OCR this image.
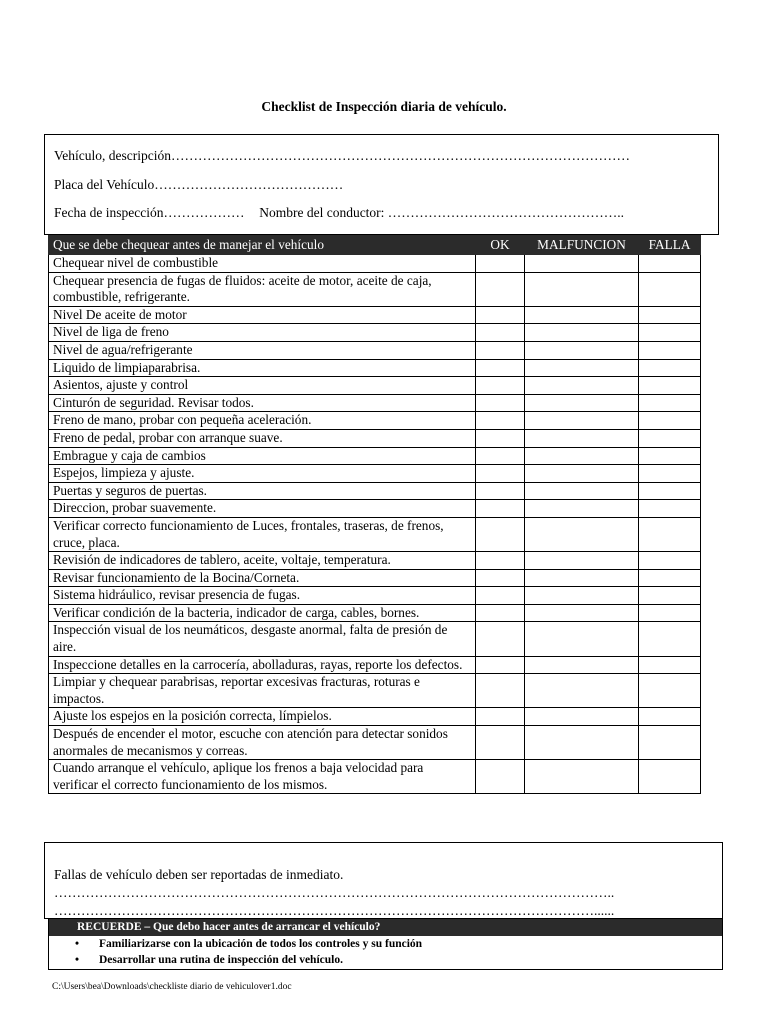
Checklist de Inspección diaria de vehículo.
Vehículo, descripción…………………………………………………………………………………………
Placa del Vehículo……………………………………
Fecha de inspección……………… Nombre del conductor: ……………………………………………..
Que se debe chequear antes de manejar el vehículo	OK	MALFUNCION	FALLA
Chequear nivel de combustible			
Chequear presencia de fugas de fluidos: aceite de motor, aceite de caja, combustible, refrigerante.			
Nivel De aceite de motor			
Nivel de liga de freno			
Nivel de agua/refrigerante			
Liquido de limpiaparabrisa.			
Asientos, ajuste y control			
Cinturón de seguridad. Revisar todos.			
Freno de mano, probar con pequeña aceleración.			
Freno de pedal, probar con arranque suave.			
Embrague y caja de cambios			
Espejos, limpieza y ajuste.			
Puertas y seguros de puertas.			
Direccion, probar suavemente.			
Verificar correcto funcionamiento de Luces, frontales, traseras, de frenos, cruce, placa.			
Revisión de indicadores de tablero, aceite, voltaje, temperatura.			
Revisar funcionamiento de la Bocina/Corneta.			
Sistema hidráulico, revisar presencia de fugas.			
Verificar condición de la bacteria, indicador de carga, cables, bornes.			
Inspección visual de los neumáticos, desgaste anormal, falta de presión de aire.			
Inspeccione detalles en la carrocería, abolladuras, rayas, reporte los defectos.			
Limpiar y chequear parabrisas, reportar excesivas fracturas, roturas e impactos.			
Ajuste los espejos en la posición correcta, límpielos.			
Después de encender el motor, escuche con atención para detectar sonidos anormales de mecanismos y correas.			
Cuando arranque el vehículo, aplique los frenos a baja velocidad para verificar el correcto funcionamiento de los mismos.			
Fallas de vehículo deben ser reportadas de inmediato.
……………………………………………………………………………………………………………..
…………………………………………………………………………………………………………......
RECUERDE – Que debo hacer antes de arrancar el vehículo?
• Familiarizarse con la ubicación de todos los controles y su función
• Desarrollar una rutina de inspección del vehículo.
C:\Users\bea\Downloads\checkliste diario de vehiculover1.doc
